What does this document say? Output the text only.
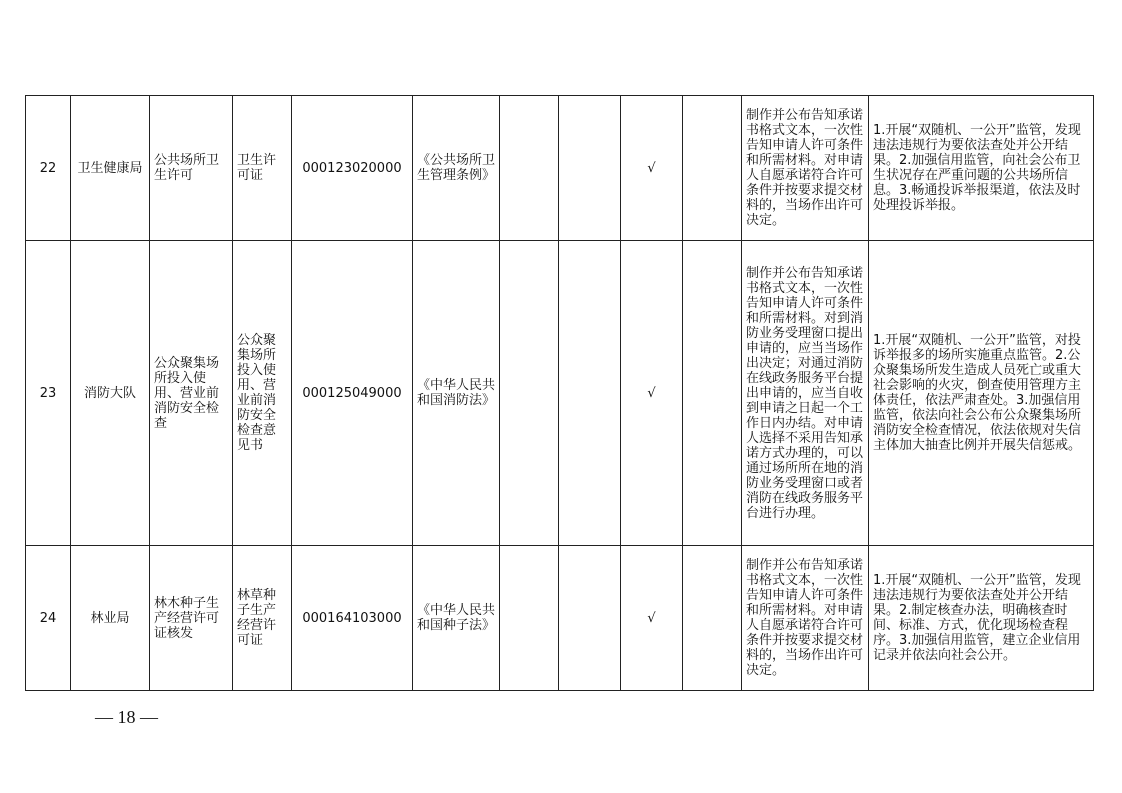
22	卫生健康局	公共场所卫生许可	卫生许可证	000123020000	《公共场所卫生管理条例》			√		制作并公布告知承诺书格式文本，一次性告知申请人许可条件和所需材料。对申请人自愿承诺符合许可条件并按要求提交材料的，当场作出许可决定。	1.开展“双随机、一公开”监管，发现违法违规行为要依法查处并公开结果。2.加强信用监管，向社会公布卫生状况存在严重问题的公共场所信息。3.畅通投诉举报渠道，依法及时处理投诉举报。
23	消防大队	公众聚集场所投入使用、营业前消防安全检查	公众聚集场所投入使用、营业前消防安全检查意见书	000125049000	《中华人民共和国消防法》			√		制作并公布告知承诺书格式文本，一次性告知申请人许可条件和所需材料。对到消防业务受理窗口提出申请的，应当当场作出决定；对通过消防在线政务服务平台提出申请的，应当自收到申请之日起一个工作日内办结。对申请人选择不采用告知承诺方式办理的，可以通过场所所在地的消防业务受理窗口或者消防在线政务服务平台进行办理。	1.开展“双随机、一公开”监管，对投诉举报多的场所实施重点监管。2.公众聚集场所发生造成人员死亡或重大社会影响的火灾，倒查使用管理方主体责任，依法严肃查处。3.加强信用监管，依法向社会公布公众聚集场所消防安全检查情况，依法依规对失信主体加大抽查比例并开展失信惩戒。
24	林业局	林木种子生产经营许可证核发	林草种子生产经营许可证	000164103000	《中华人民共和国种子法》			√		制作并公布告知承诺书格式文本，一次性告知申请人许可条件和所需材料。对申请人自愿承诺符合许可条件并按要求提交材料的，当场作出许可决定。	1.开展“双随机、一公开”监管，发现违法违规行为要依法查处并公开结果。2.制定核查办法，明确核查时间、标准、方式，优化现场检查程序。3.加强信用监管，建立企业信用记录并依法向社会公开。
— 18 —
